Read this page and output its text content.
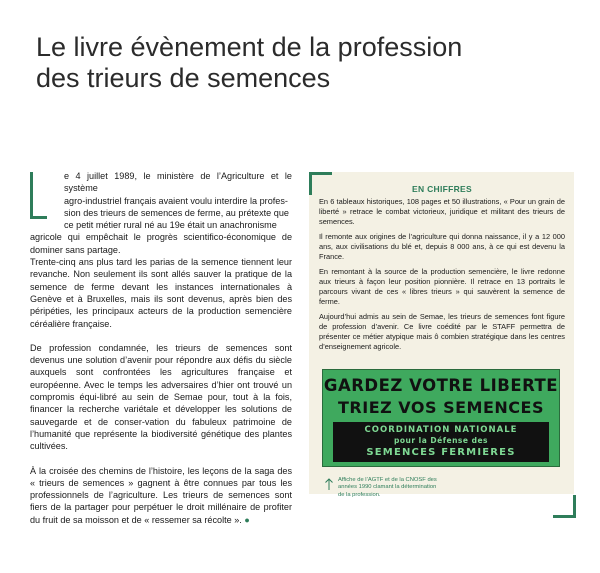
Le livre évènement de la profession
des trieurs de semences

e 4 juillet 1989, le ministère de l’Agriculture et le système
agro-industriel français avaient voulu interdire la profes-
sion des trieurs de semences de ferme, au prétexte que
ce petit métier rural né au 19e était un anachronisme
agricole qui empêchait le progrès scientifico-économique de dominer sans partage.

Trente-cinq ans plus tard les parias de la semence tiennent leur revanche. Non seulement ils sont allés sauver la pratique de la semence de ferme devant les instances internationales à Genève et à Bruxelles, mais ils sont devenus, après bien des péripéties, les principaux acteurs de la production semencière céréalière française.

De profession condamnée, les trieurs de semences sont devenus une solution d’avenir pour répondre aux défis du siècle auxquels sont confrontées les agricultures française et européenne. Avec le temps les adversaires d’hier ont trouvé un compromis équi-libré au sein de Semae pour, tout à la fois, financer la recherche variétale et développer les solutions de sauvegarde et de conser-vation du fabuleux patrimoine de l’humanité que représente la biodiversité génétique des plantes cultivées.

À la croisée des chemins de l’histoire, les leçons de la saga des « trieurs de semences » gagnent à être connues par tous les professionnels de l’agriculture. Les trieurs de semences sont fiers de la partager pour perpétuer le droit millénaire de profiter du fruit de sa moisson et de « ressemer sa récolte ». ●

EN CHIFFRES

En 6 tableaux historiques, 108 pages et 50 illustrations, « Pour un grain de liberté » retrace le combat victorieux, juridique et militant des trieurs de semences.

Il remonte aux origines de l’agriculture qui donna naissance, il y a 12 000 ans, aux civilisations du blé et, depuis 8 000 ans, à ce qui est devenu la France.

En remontant à la source de la production semencière, le livre redonne aux trieurs à façon leur position pionnière. Il retrace en 13 portraits le parcours vivant de ces « libres trieurs » qui sauvèrent la semence de ferme.

Aujourd’hui admis au sein de Semae, les trieurs de semences font figure de profession d’avenir. Ce livre coédité par le STAFF permettra de présenter ce métier atypique mais ô combien stratégique dans les centres d’enseignement agricole.

GARDEZ VOTRE LIBERTE
TRIEZ VOS SEMENCES
COORDINATION NATIONALE
pour la Défense des
SEMENCES FERMIERES
Affiche de l’AGTF et de la CNOSF des années 1990 clamant la détermination de la profession.
